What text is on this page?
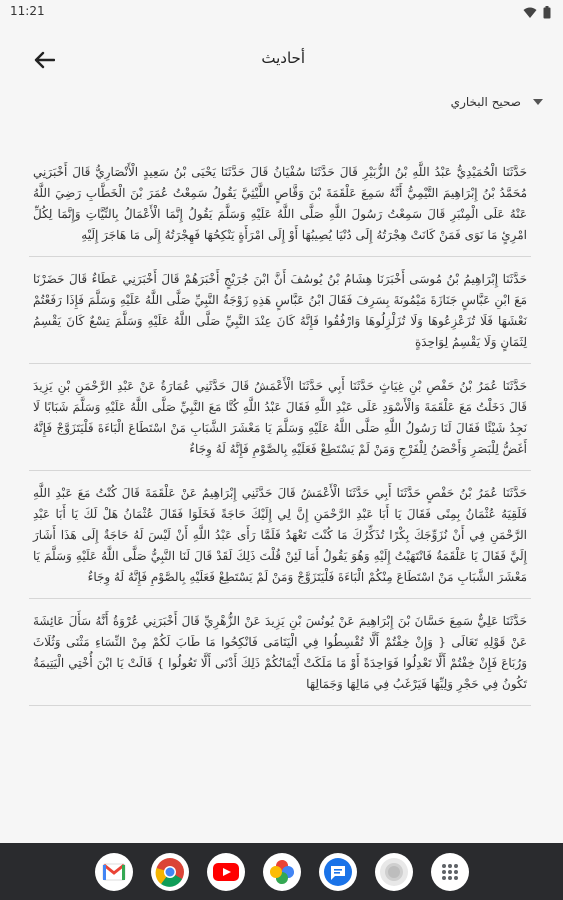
11:21
أحاديث
صحيح البخاري
حَدَّثَنَا الْحُمَيْدِيُّ عَبْدُ اللَّهِ بْنُ الزُّبَيْرِ قَالَ حَدَّثَنَا سُفْيَانُ قَالَ حَدَّثَنَا يَحْيَى بْنُ سَعِيدٍ الْأَنْصَارِيُّ قَالَ أَخْبَرَنِي مُحَمَّدُ بْنُ إِبْرَاهِيمَ التَّيْمِيُّ أَنَّهُ سَمِعَ عَلْقَمَةَ بْنَ وَقَّاصٍ اللَّيْثِيَّ يَقُولُ سَمِعْتُ عُمَرَ بْنَ الْخَطَّابِ رَضِيَ اللَّهُ عَنْهُ عَلَى الْمِنْبَرِ قَالَ سَمِعْتُ رَسُولَ اللَّهِ صَلَّى اللَّهُ عَلَيْهِ وَسَلَّمَ يَقُولُ إِنَّمَا الْأَعْمَالُ بِالنِّيَّاتِ وَإِنَّمَا لِكُلِّ امْرِئٍ مَا نَوَى فَمَنْ كَانَتْ هِجْرَتُهُ إِلَى دُنْيَا يُصِيبُهَا أَوْ إِلَى امْرَأَةٍ يَنْكِحُهَا فَهِجْرَتُهُ إِلَى مَا هَاجَرَ إِلَيْهِ
حَدَّثَنَا إِبْرَاهِيمُ بْنُ مُوسَى أَخْبَرَنَا هِشَامُ بْنُ يُوسُفَ أَنَّ ابْنَ جُرَيْجٍ أَخْبَرَهُمْ قَالَ أَخْبَرَنِي عَطَاءٌ قَالَ حَضَرْنَا مَعَ ابْنِ عَبَّاسٍ جَنَازَةَ مَيْمُونَةَ بِسَرِفَ فَقَالَ ابْنُ عَبَّاسٍ هَذِهِ زَوْجَةُ النَّبِيِّ صَلَّى اللَّهُ عَلَيْهِ وَسَلَّمَ فَإِذَا رَفَعْتُمْ نَعْشَهَا فَلَا تُزَعْزِعُوهَا وَلَا تُزَلْزِلُوهَا وَارْفُقُوا فَإِنَّهُ كَانَ عِنْدَ النَّبِيِّ صَلَّى اللَّهُ عَلَيْهِ وَسَلَّمَ تِسْعٌ كَانَ يَقْسِمُ لِثَمَانٍ وَلَا يَقْسِمُ لِوَاحِدَةٍ
حَدَّثَنَا عُمَرُ بْنُ حَفْصِ بْنِ غِيَاثٍ حَدَّثَنَا أَبِي حَدَّثَنَا الْأَعْمَشُ قَالَ حَدَّثَنِي عُمَارَةُ عَنْ عَبْدِ الرَّحْمَنِ بْنِ يَزِيدَ قَالَ دَخَلْتُ مَعَ عَلْقَمَةَ وَالْأَسْوَدِ عَلَى عَبْدِ اللَّهِ فَقَالَ عَبْدُ اللَّهِ كُنَّا مَعَ النَّبِيِّ صَلَّى اللَّهُ عَلَيْهِ وَسَلَّمَ شَبَابًا لَا نَجِدُ شَيْئًا فَقَالَ لَنَا رَسُولُ اللَّهِ صَلَّى اللَّهُ عَلَيْهِ وَسَلَّمَ يَا مَعْشَرَ الشَّبَابِ مَنْ اسْتَطَاعَ الْبَاءَةَ فَلْيَتَزَوَّجْ فَإِنَّهُ أَغَضُّ لِلْبَصَرِ وَأَحْصَنُ لِلْفَرْجِ وَمَنْ لَمْ يَسْتَطِعْ فَعَلَيْهِ بِالصَّوْمِ فَإِنَّهُ لَهُ وِجَاءٌ
حَدَّثَنَا عُمَرُ بْنُ حَفْصٍ حَدَّثَنَا أَبِي حَدَّثَنَا الْأَعْمَشُ قَالَ حَدَّثَنِي إِبْرَاهِيمُ عَنْ عَلْقَمَةَ قَالَ كُنْتُ مَعَ عَبْدِ اللَّهِ فَلَقِيَهُ عُثْمَانُ بِمِنًى فَقَالَ يَا أَبَا عَبْدِ الرَّحْمَنِ إِنَّ لِي إِلَيْكَ حَاجَةً فَخَلَوَا فَقَالَ عُثْمَانُ هَلْ لَكَ يَا أَبَا عَبْدِ الرَّحْمَنِ فِي أَنْ نُزَوِّجَكَ بِكْرًا تُذَكِّرُكَ مَا كُنْتَ تَعْهَدُ فَلَمَّا رَأَى عَبْدُ اللَّهِ أَنْ لَيْسَ لَهُ حَاجَةٌ إِلَى هَذَا أَشَارَ إِلَيَّ فَقَالَ يَا عَلْقَمَةُ فَانْتَهَيْتُ إِلَيْهِ وَهُوَ يَقُولُ أَمَا لَئِنْ قُلْتَ ذَلِكَ لَقَدْ قَالَ لَنَا النَّبِيُّ صَلَّى اللَّهُ عَلَيْهِ وَسَلَّمَ يَا مَعْشَرَ الشَّبَابِ مَنْ اسْتَطَاعَ مِنْكُمْ الْبَاءَةَ فَلْيَتَزَوَّجْ وَمَنْ لَمْ يَسْتَطِعْ فَعَلَيْهِ بِالصَّوْمِ فَإِنَّهُ لَهُ وِجَاءٌ
حَدَّثَنَا عَلِيٌّ سَمِعَ حَسَّانَ بْنَ إِبْرَاهِيمَ عَنْ يُونُسَ بْنِ يَزِيدَ عَنْ الزُّهْرِيِّ قَالَ أَخْبَرَنِي عُرْوَةُ أَنَّهُ سَأَلَ عَائِشَةَ عَنْ قَوْلِهِ تَعَالَى { وَإِنْ خِفْتُمْ أَلَّا تُقْسِطُوا فِي الْيَتَامَى فَانْكِحُوا مَا طَابَ لَكُمْ مِنْ النِّسَاءِ مَثْنَى وَثُلَاثَ وَرُبَاعَ فَإِنْ خِفْتُمْ أَلَّا تَعْدِلُوا فَوَاحِدَةً أَوْ مَا مَلَكَتْ أَيْمَانُكُمْ ذَلِكَ أَدْنَى أَلَّا تَعُولُوا } قَالَتْ يَا ابْنَ أُخْتِي الْيَتِيمَةُ تَكُونُ فِي حَجْرِ وَلِيِّهَا فَيَرْغَبُ فِي مَالِهَا وَجَمَالِهَا
